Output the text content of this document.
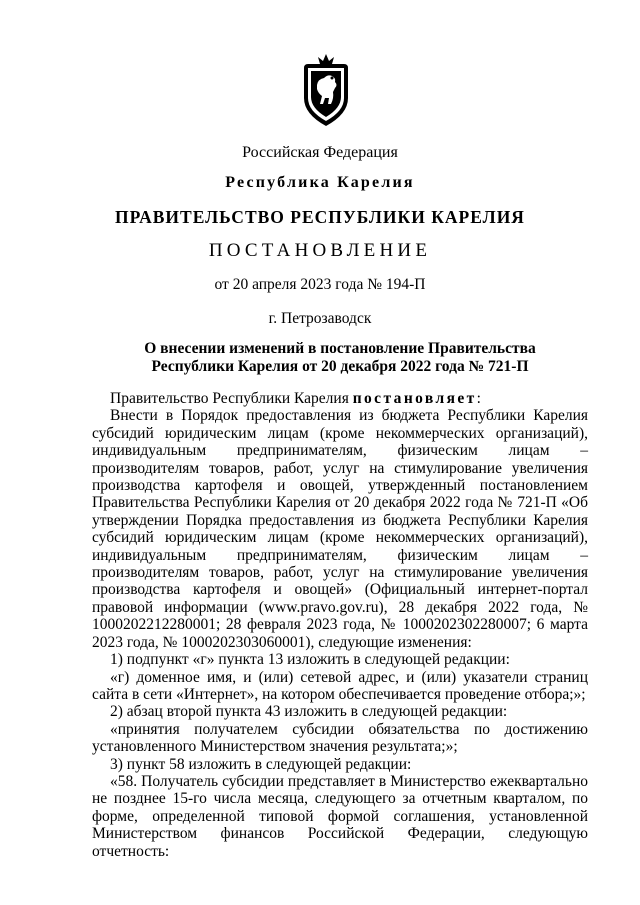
Российская Федерация
Республика Карелия
ПРАВИТЕЛЬСТВО РЕСПУБЛИКИ КАРЕЛИЯ
ПОСТАНОВЛЕНИЕ
от 20 апреля 2023 года № 194-П
г. Петрозаводск
О внесении изменений в постановление Правительства
Республики Карелия от 20 декабря 2022 года № 721-П

Правительство Республики Карелия постановляет:

Внести в Порядок предоставления из бюджета Республики Карелия субсидий юридическим лицам (кроме некоммерческих организаций), индивидуальным предпринимателям, физическим лицам – производителям товаров, работ, услуг на стимулирование увеличения производства картофеля и овощей, утвержденный постановлением Правительства Республики Карелия от 20 декабря 2022 года № 721-П «Об утверждении Порядка предоставления из бюджета Республики Карелия субсидий юридическим лицам (кроме некоммерческих организаций), индивидуальным предпринимателям, физическим лицам – производителям товаров, работ, услуг на стимулирование увеличения производства картофеля и овощей» (Официальный интернет-портал правовой информации (www.pravo.gov.ru), 28 декабря 2022 года, № 1000202212280001; 28 февраля 2023 года, № 1000202302280007; 6 марта 2023 года, № 1000202303060001), следующие изменения:

1) подпункт «г» пункта 13 изложить в следующей редакции:

«г) доменное имя, и (или) сетевой адрес, и (или) указатели страниц сайта в сети «Интернет», на котором обеспечивается проведение отбора;»;

2) абзац второй пункта 43 изложить в следующей редакции:

«принятия получателем субсидии обязательства по достижению установленного Министерством значения результата;»;

3) пункт 58 изложить в следующей редакции:

«58. Получатель субсидии представляет в Министерство ежеквартально не позднее 15-го числа месяца, следующего за отчетным кварталом, по форме, определенной типовой формой соглашения, установленной Министерством финансов Российской Федерации, следующую отчетность:
